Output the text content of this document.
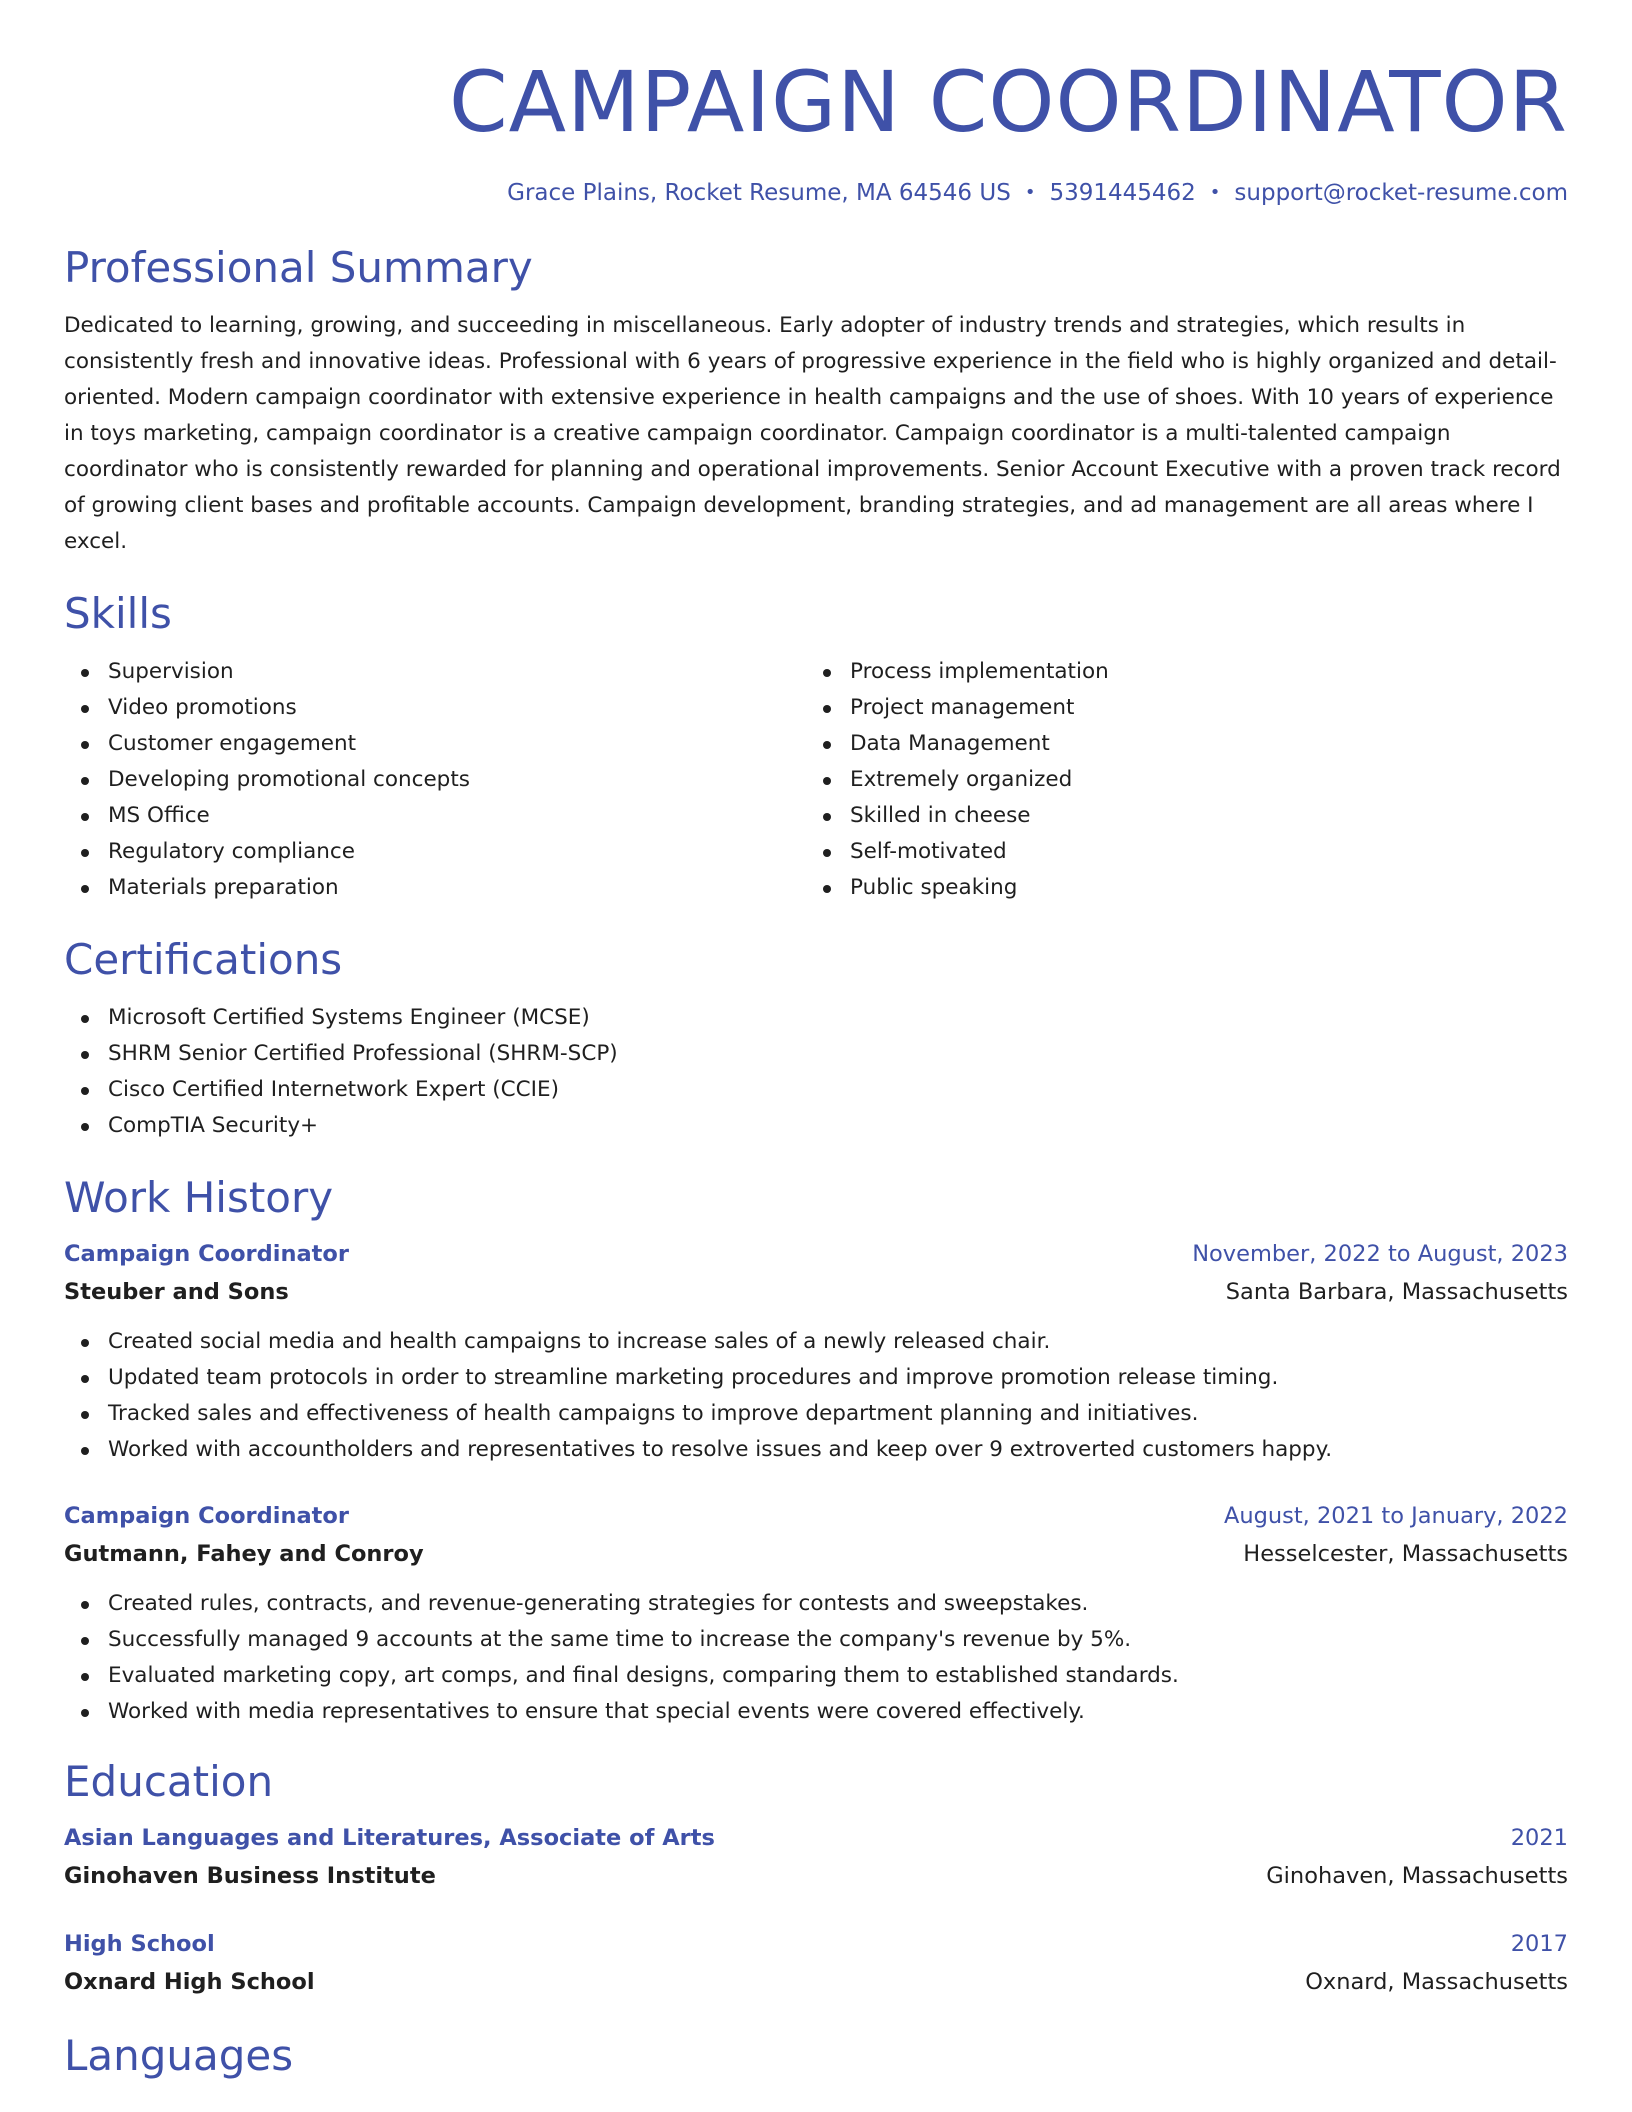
CAMPAIGN COORDINATOR
Grace Plains, Rocket Resume, MA 64546 US • 5391445462 • support@rocket-resume.com
Professional Summary

Dedicated to learning, growing, and succeeding in miscellaneous. Early adopter of industry trends and strategies, which results in consistently fresh and innovative ideas. Professional with 6 years of progressive experience in the field who is highly organized and detail-oriented. Modern campaign coordinator with extensive experience in health campaigns and the use of shoes. With 10 years of experience in toys marketing, campaign coordinator is a creative campaign coordinator. Campaign coordinator is a multi-talented campaign coordinator who is consistently rewarded for planning and operational improvements. Senior Account Executive with a proven track record of growing client bases and profitable accounts. Campaign development, branding strategies, and ad management are all areas where I excel.

Skills
Supervision
Video promotions
Customer engagement
Developing promotional concepts
MS Office
Regulatory compliance
Materials preparation
Process implementation
Project management
Data Management
Extremely organized
Skilled in cheese
Self-motivated
Public speaking
Certifications
Microsoft Certified Systems Engineer (MCSE)
SHRM Senior Certified Professional (SHRM-SCP)
Cisco Certified Internetwork Expert (CCIE)
CompTIA Security+
Work History
Campaign Coordinator	November, 2022 to August, 2023
Steuber and Sons	Santa Barbara, Massachusetts
Created social media and health campaigns to increase sales of a newly released chair.
Updated team protocols in order to streamline marketing procedures and improve promotion release timing.
Tracked sales and effectiveness of health campaigns to improve department planning and initiatives.
Worked with accountholders and representatives to resolve issues and keep over 9 extroverted customers happy.
Campaign Coordinator	August, 2021 to January, 2022
Gutmann, Fahey and Conroy	Hesselcester, Massachusetts
Created rules, contracts, and revenue-generating strategies for contests and sweepstakes.
Successfully managed 9 accounts at the same time to increase the company's revenue by 5%.
Evaluated marketing copy, art comps, and final designs, comparing them to established standards.
Worked with media representatives to ensure that special events were covered effectively.
Education
Asian Languages and Literatures, Associate of Arts	2021
Ginohaven Business Institute	Ginohaven, Massachusetts
High School	2017
Oxnard High School	Oxnard, Massachusetts
Languages
